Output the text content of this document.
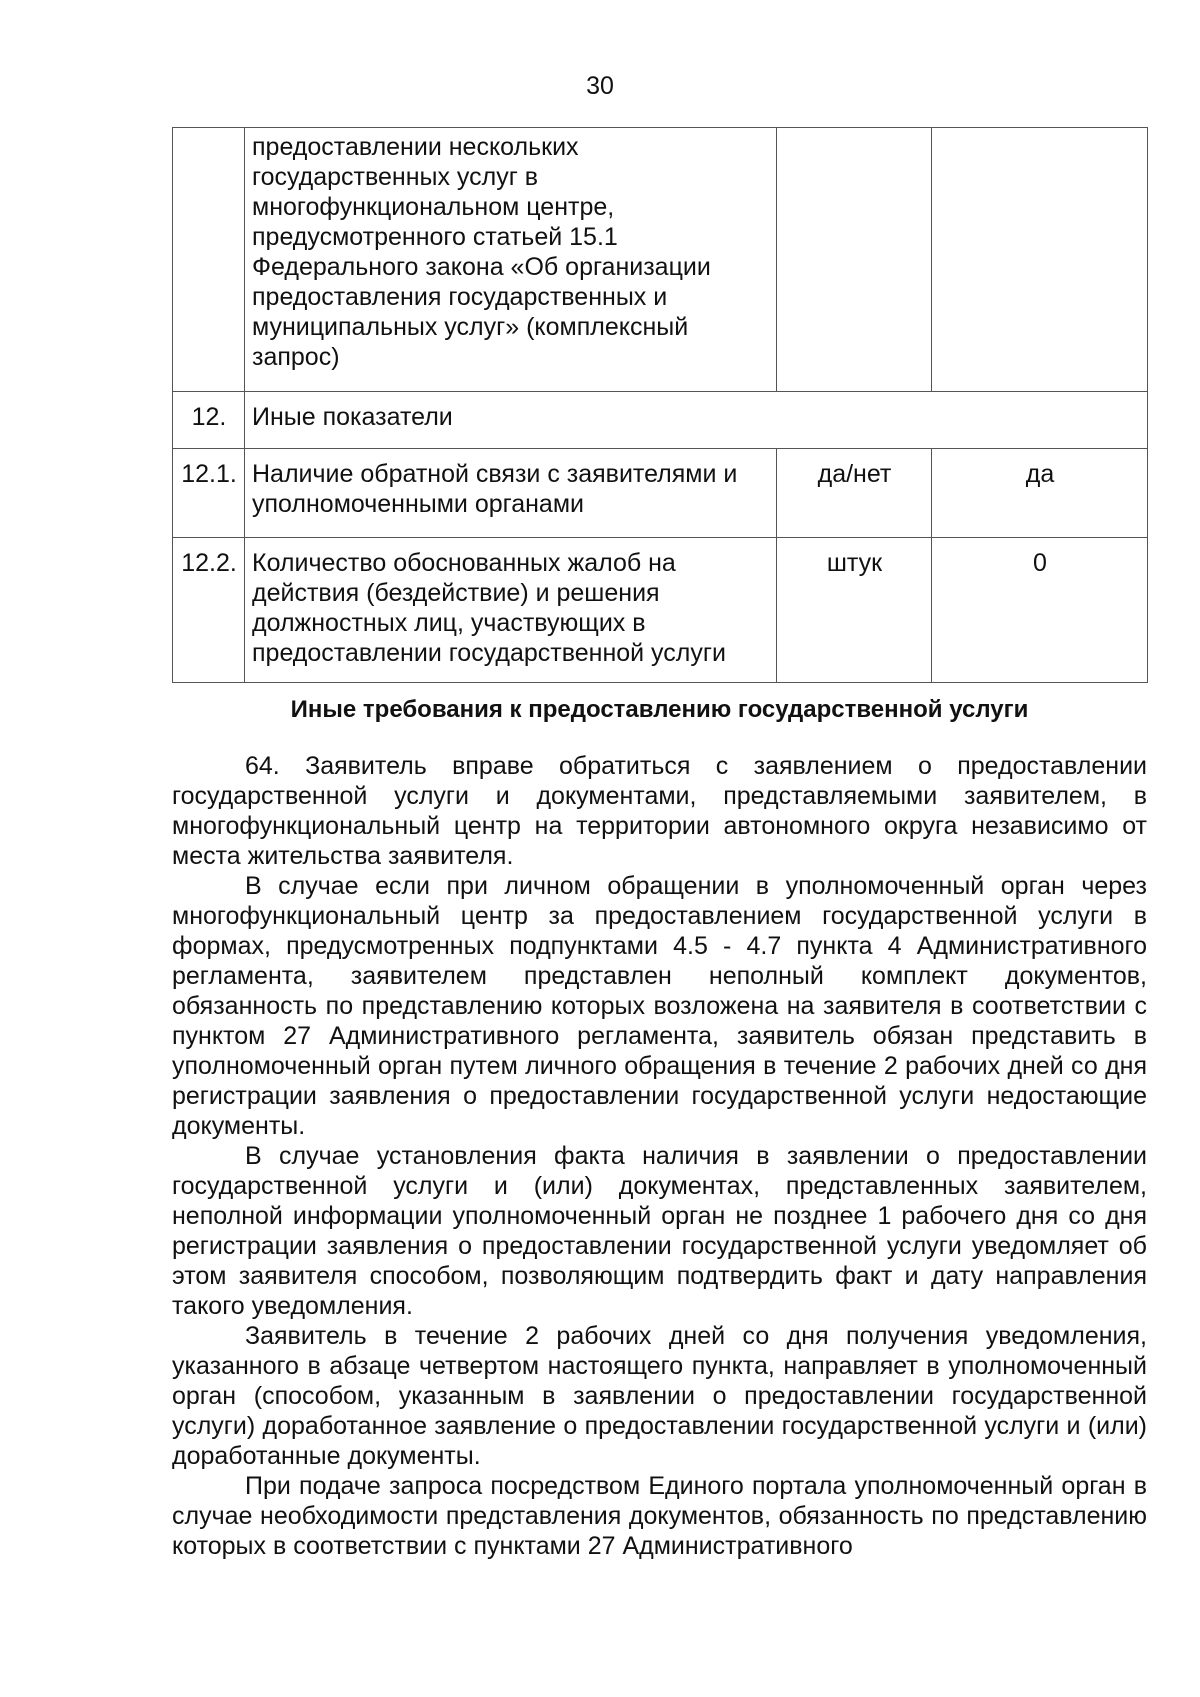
30
	предоставлении нескольких государственных услуг в многофункциональном центре, предусмотренного статьей 15.1 Федерального закона «Об организации предоставления государственных и муниципальных услуг» (комплексный запрос)		
12.	Иные показатели		
12.1.	Наличие обратной связи с заявителями и уполномоченными органами	да/нет	да
12.2.	Количество обоснованных жалоб на действия (бездействие) и решения должностных лиц, участвующих в предоставлении государственной услуги	штук	0
Иные требования к предоставлению государственной услуги

64. Заявитель вправе обратиться с заявлением о предоставлении государственной услуги и документами, представляемыми заявителем, в многофункциональный центр на территории автономного округа независимо от места жительства заявителя.

В случае если при личном обращении в уполномоченный орган через многофункциональный центр за предоставлением государственной услуги в формах, предусмотренных подпунктами 4.5 - 4.7 пункта 4 Административного регламента, заявителем представлен неполный комплект документов, обязанность по представлению которых возложена на заявителя в соответствии с пунктом 27 Административного регламента, заявитель обязан представить в уполномоченный орган путем личного обращения в течение 2 рабочих дней со дня регистрации заявления о предоставлении государственной услуги недостающие документы.

В случае установления факта наличия в заявлении о предоставлении государственной услуги и (или) документах, представленных заявителем, неполной информации уполномоченный орган не позднее 1 рабочего дня со дня регистрации заявления о предоставлении государственной услуги уведомляет об этом заявителя способом, позволяющим подтвердить факт и дату направления такого уведомления.

Заявитель в течение 2 рабочих дней со дня получения уведомления, указанного в абзаце четвертом настоящего пункта, направляет в уполномоченный орган (способом, указанным в заявлении о предоставлении государственной услуги) доработанное заявление о предоставлении государственной услуги и (или) доработанные документы.

При подаче запроса посредством Единого портала уполномоченный орган в случае необходимости представления документов, обязанность по представлению которых в соответствии с пунктами 27 Административного
